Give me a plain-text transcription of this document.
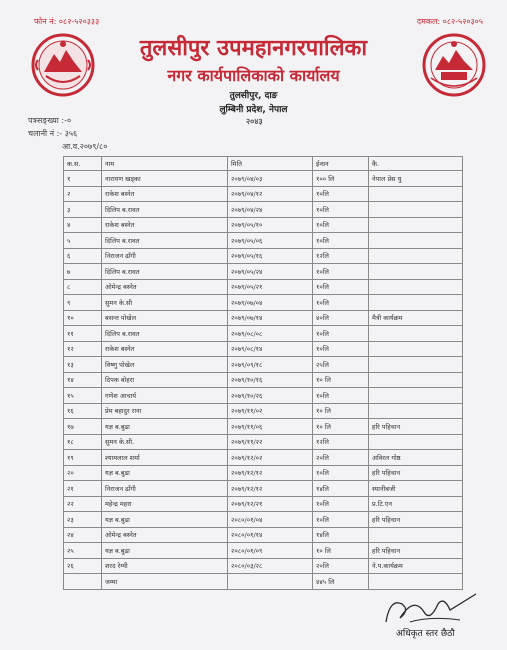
फोन नं: ०८२-५२०३३३	दमकल: ०८२-५२०३०५
तुलसीपुर उपमहानगरपालिका
नगर कार्यपालिकाको कार्यालय
तुलसीपुर, दाङ
लुम्बिनी प्रदेश, नेपाल
२०४३
पत्रसङ्ख्या :-०
चलानी नं :- ३५६
आ.व.२०७९/८०
क.स.	नाम	मिति	ईन्धन	कै.
१	नारायण खड्का	२०७९/०४/०३	१०० लि	नेपाल प्रेस यु
२	राकेश बस्नेत	२०७९/०४/१२	१०लि	
३	दिलिप ब.रावत	२०७९/०४/२४	१०लि	
४	राकेश बस्नेत	२०७९/०५/१०	१०लि	
५	दिलिप ब.रावत	२०७९/०५/०६	१०लि	
६	निराजन ढाँगी	२०७९/०५/१६	१२लि	
७	दिलिप ब.रावत	२०७९/०५/२४	१०लि	
८	ओमेन्द्र बस्नेत	२०७९/०५/२१	१०लि	
९	सुमन के.सी	२०७९/०७/०४	१०लि	
१०	बसन्त पोखेल	२०७९/०७/१४	४०लि	मैत्री कार्यक्रम
११	दिलिप ब.रावत	२०७९/०८/०८	१०लि	
१२	राकेश बस्नेत	२०७९/०८/१४	१०लि	
१३	विष्णु पोखेल	२०७९/०९/१८	२५लि	
१४	दिपक बोहरा	२०७९/१०/१६	१० लि	
१५	गणेश आचार्य	२०७९/१०/२६	१०लि	
१६	प्रेम बहादुर राना	२०७९/११/०२	१० लि	
१७	यज्ञ ब.बुढा	२०७९/११/०६	१० लि	हरि पहिचान
१८	सुमन के.सी.	२०७९/११/२२	१२लि	
१९	श्यामलाल शर्मा	२०७९/१२/०२	२०लि	अविरल गोष्ठ
२०	यज्ञ ब.बुढा	२०७९/१२/१२	१०लि	हरि पहिचान
२१	निराजन ढाँगी	२०७९/१२/१२	१४लि	स्यानीबजी
२२	महेन्द्र महरा	२०७९/१२/२१	१०लि	प्र.टि.एन
२३	यज्ञ ब.बुढा	२०८०/०१/०४	१०लि	हरि पहिचान
२४	ओमेन्द्र बस्नेत	२०८०/०१/१४	१४लि	
२५	यज्ञ ब.बुढा	२०८०/०१/०९	१० लि	हरि पहिचान
२६	शरद रेग्मी	२०८०/०३/२८	२०लि	ने.प.कार्यक्रम
	जम्मा		४४५ लि	
अधिकृत स्तर छैठौ
